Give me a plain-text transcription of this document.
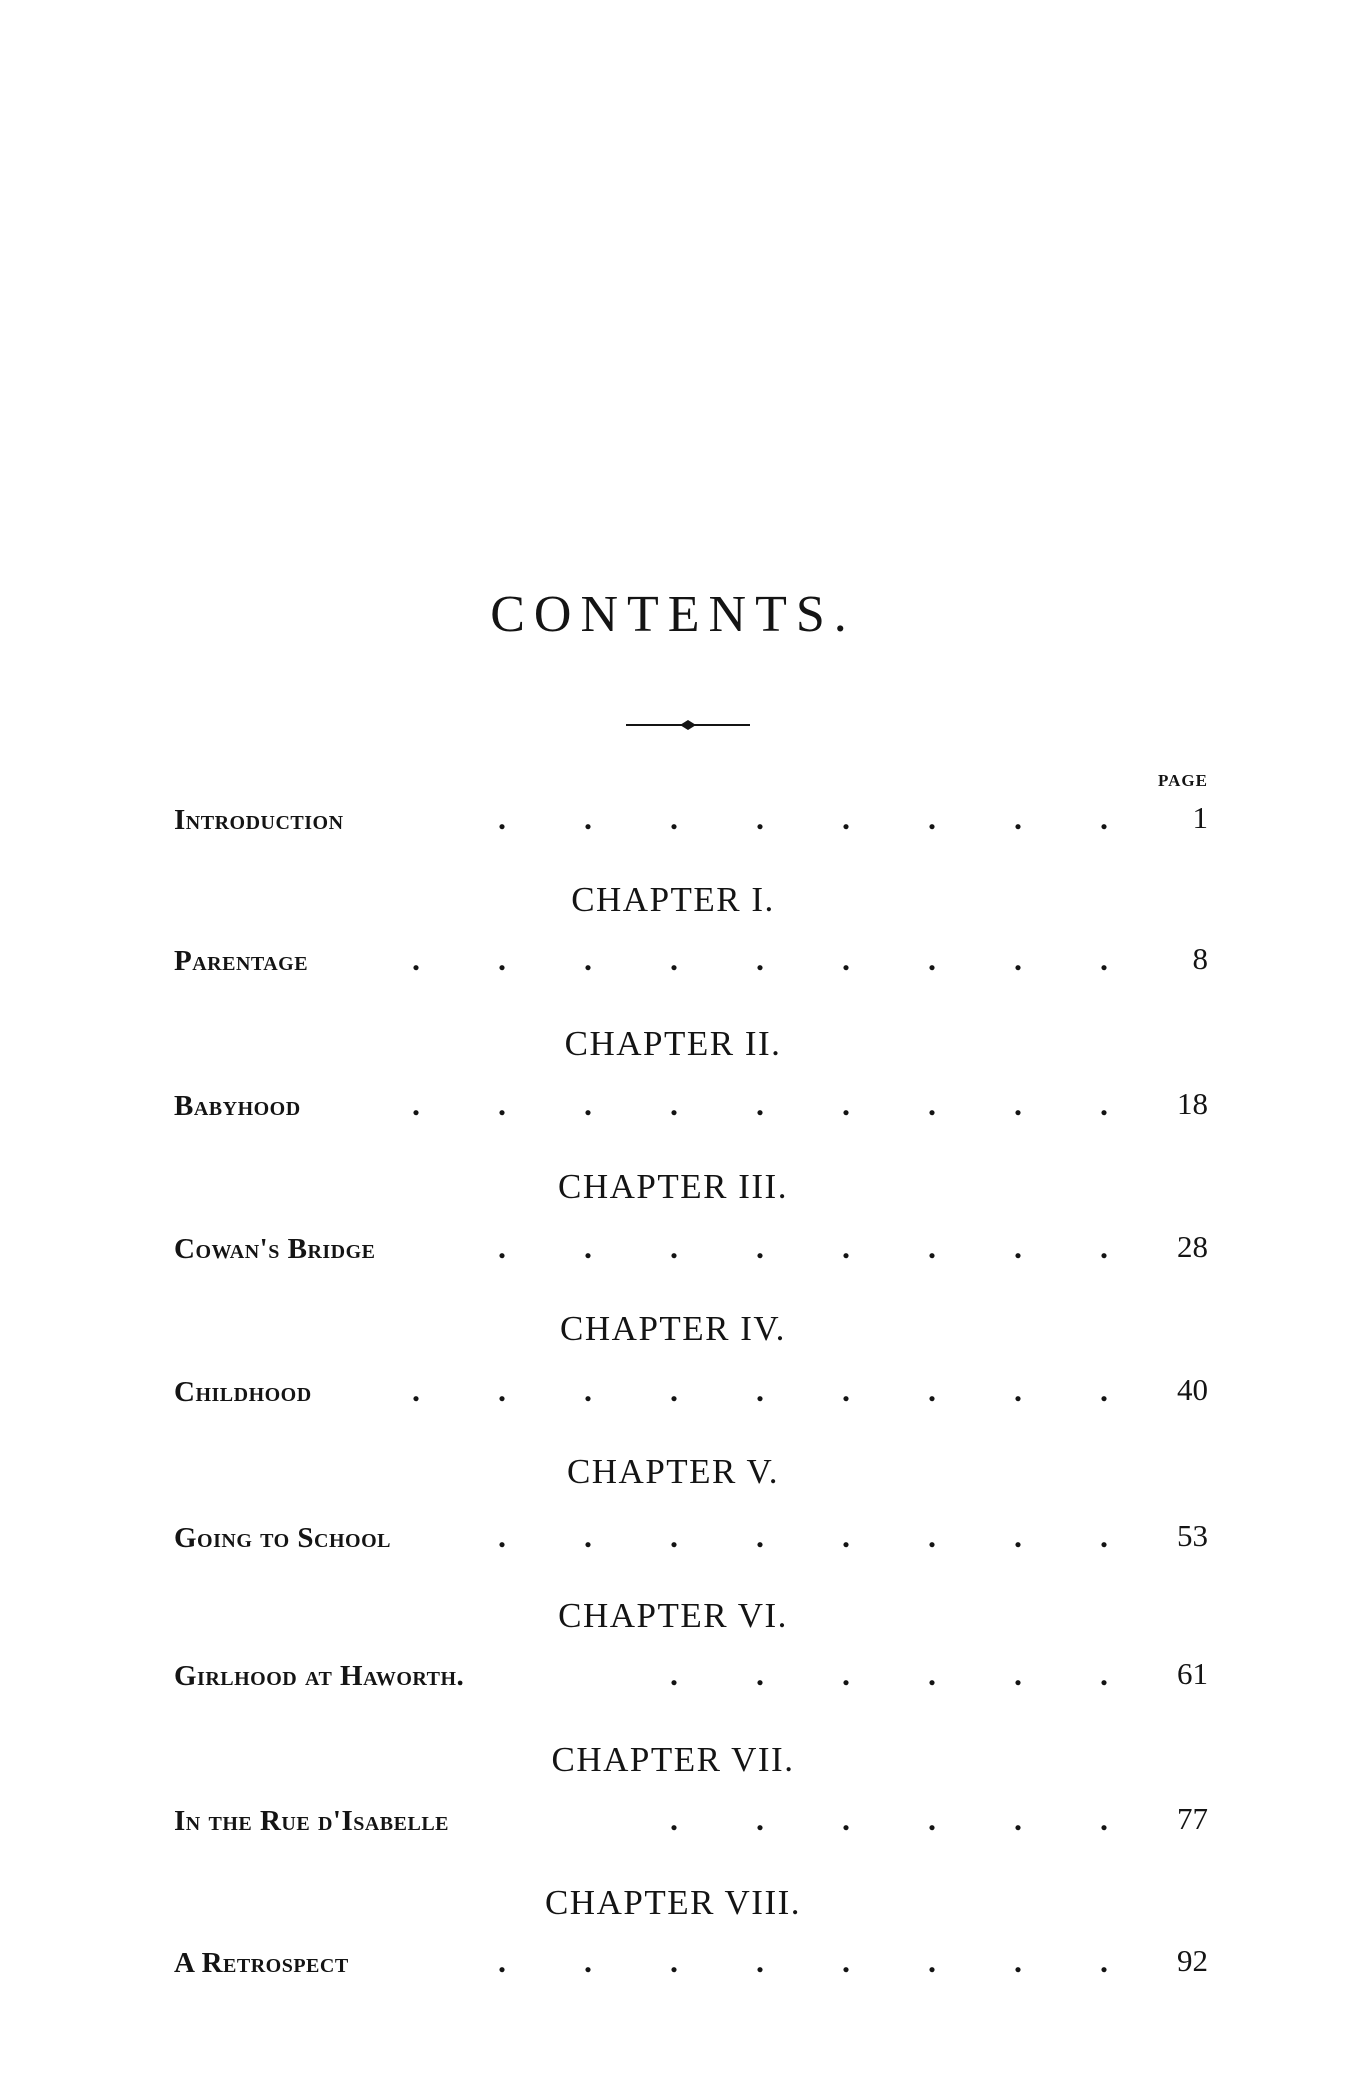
CONTENTS.
PAGE
Introduction	. . . . . . . .	1
CHAPTER I.
Parentage	. . . . . . . . .	8
CHAPTER II.
Babyhood	. . . . . . . . .	18
CHAPTER III.
Cowan's Bridge	. . . . . . . .	28
CHAPTER IV.
Childhood	. . . . . . . . .	40
CHAPTER V.
Going to School	. . . . . . . .	53
CHAPTER VI.
Girlhood at Haworth.	. . . . . .	61
CHAPTER VII.
In the Rue d'Isabelle	. . . . . .	77
CHAPTER VIII.
A Retrospect	. . . . . . . .	92
